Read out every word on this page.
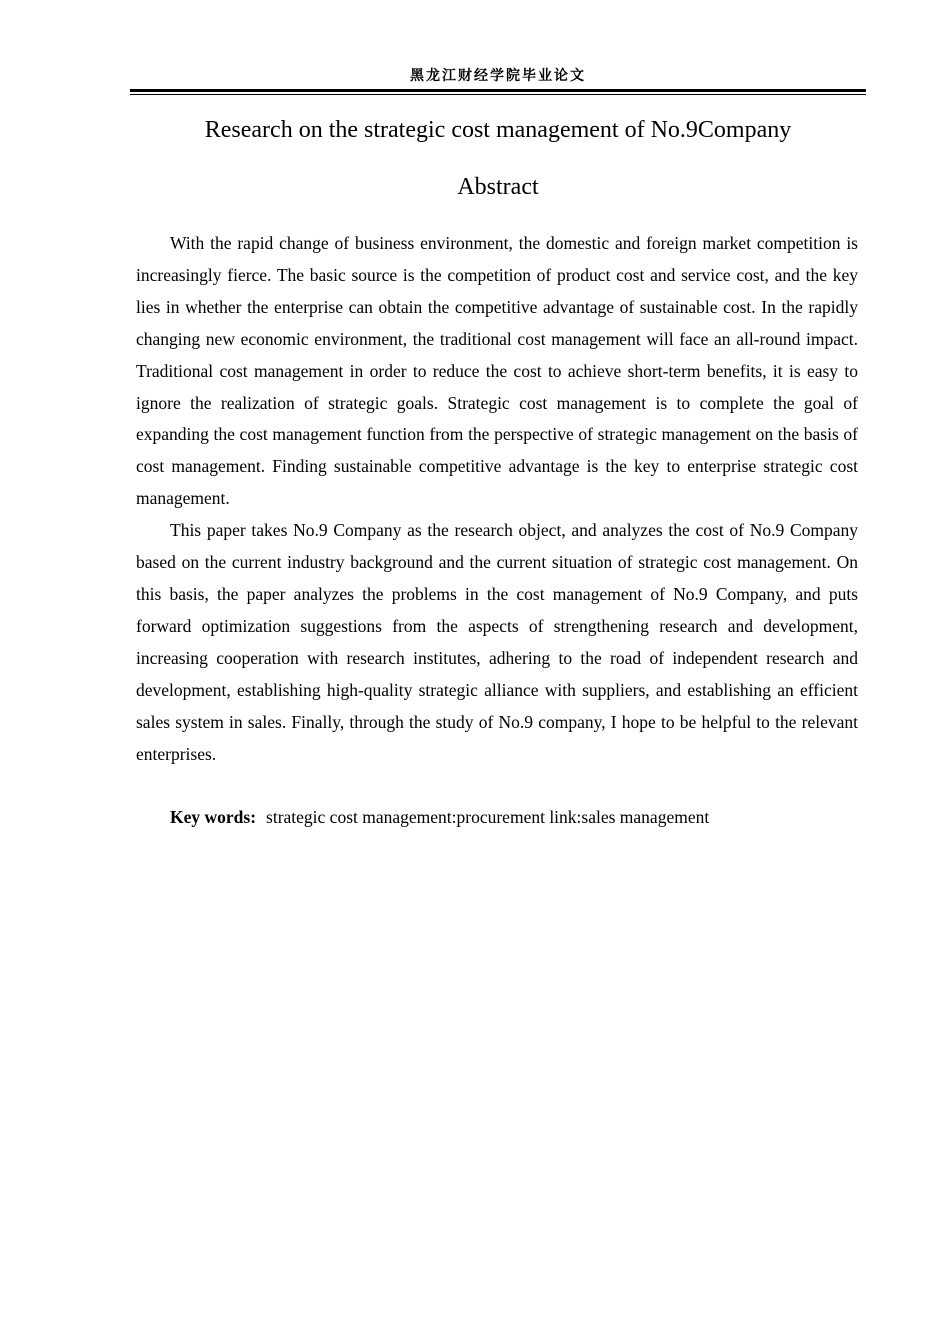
黑龙江财经学院毕业论文
Research on the strategic cost management of No.9Company
Abstract

With the rapid change of business environment, the domestic and foreign market competition is increasingly fierce. The basic source is the competition of product cost and service cost, and the key lies in whether the enterprise can obtain the competitive advantage of sustainable cost. In the rapidly changing new economic environment, the traditional cost management will face an all-round impact. Traditional cost management in order to reduce the cost to achieve short-term benefits, it is easy to ignore the realization of strategic goals. Strategic cost management is to complete the goal of expanding the cost management function from the perspective of strategic management on the basis of cost management. Finding sustainable competitive advantage is the key to enterprise strategic cost management.

This paper takes No.9 Company as the research object, and analyzes the cost of No.9 Company based on the current industry background and the current situation of strategic cost management. On this basis, the paper analyzes the problems in the cost management of No.9 Company, and puts forward optimization suggestions from the aspects of strengthening research and development, increasing cooperation with research institutes, adhering to the road of independent research and development, establishing high-quality strategic alliance with suppliers, and establishing an efficient sales system in sales. Finally, through the study of No.9 company, I hope to be helpful to the relevant enterprises.

Key words: strategic cost management:procurement link:sales management
